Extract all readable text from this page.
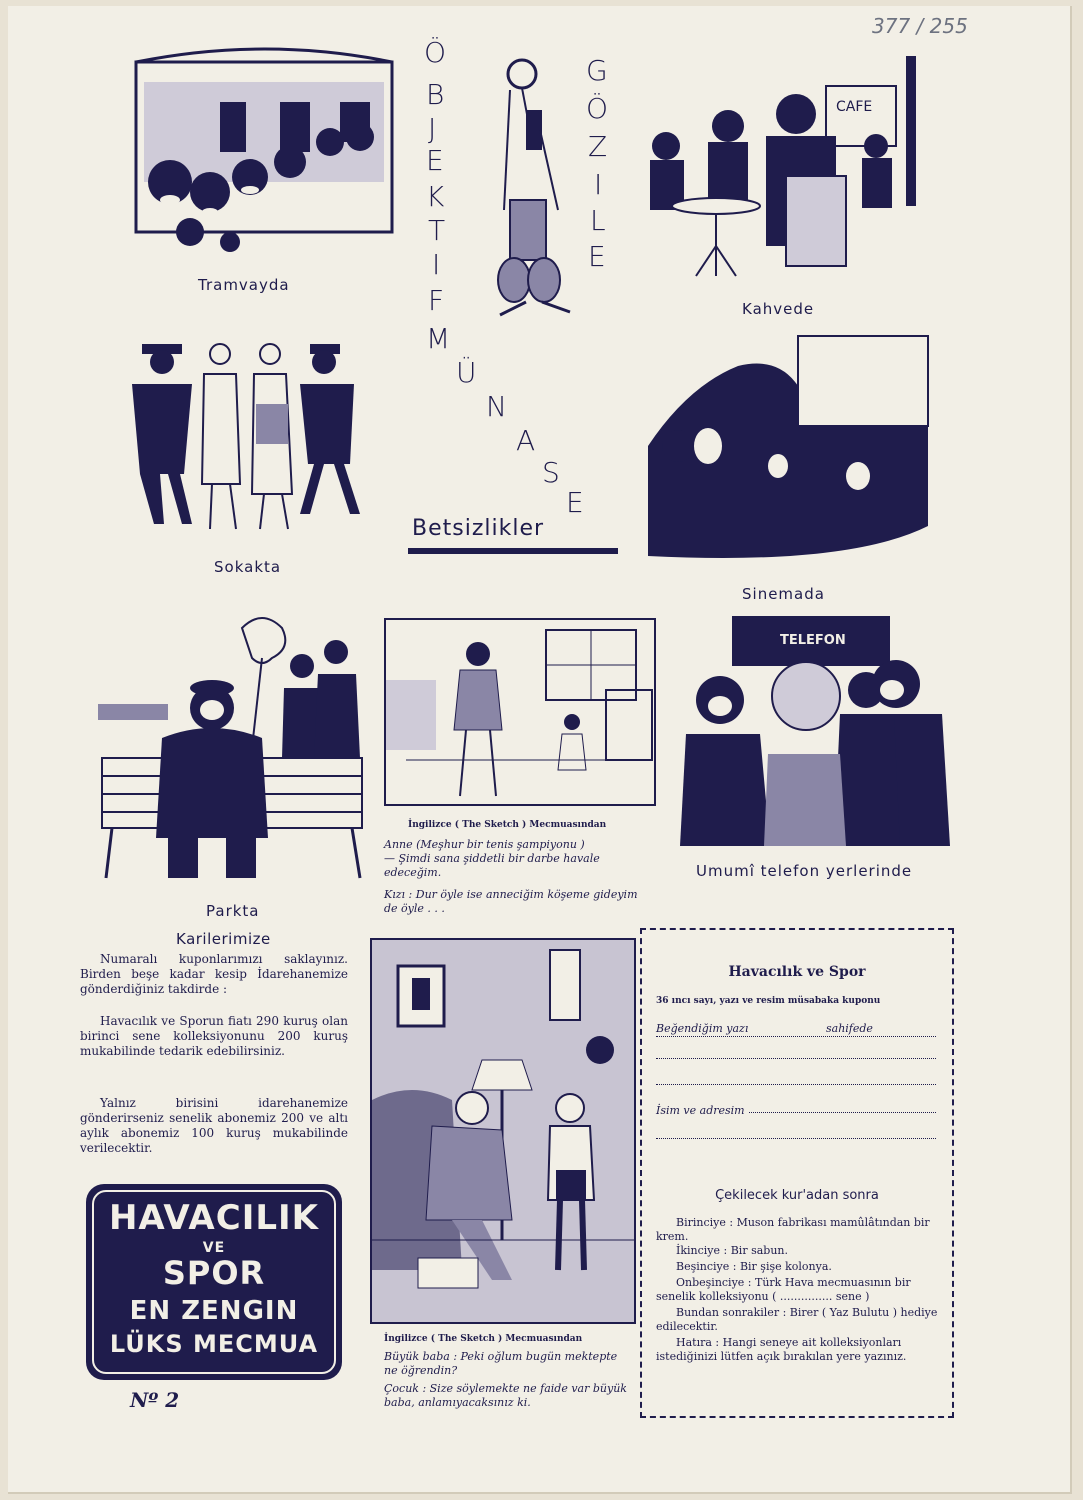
377 / 255
Tramvayda
Ö
B
J
E
K
T
I
F
M
Ü
N
A
S
E
G
Ö
Z
I
L
E
Betsizlikler
CAFE
Kahvede
Sokakta
Sinemada
Parkta
İngilizce ( The Sketch ) Mecmuasından
Anne (Meşhur bir tenis şampiyonu )
— Şimdi sana şiddetli bir darbe havale edeceğim.
Kızı : Dur öyle ise anneciğim köşeme gideyim de öyle . . .
TELEFON
Umumî telefon yerlerinde
Karilerimize
Numaralı kuponlarımızı saklayınız. Birden beşe kadar kesip İdarehanemize gönderdiğiniz takdirde :
Havacılık ve Sporun fiatı 290 kuruş olan birinci sene kolleksiyonunu 200 kuruş mukabilinde tedarik edebilirsiniz.
Yalnız birisini idarehanemize gönderirseniz senelik abonemiz 200 ve altı aylık abonemiz 100 kuruş mukabilinde verilecektir.
HAVACILIK
VE
SPOR
EN ZENGIN
LÜKS MECMUA
Nº 2
İngilizce ( The Sketch ) Mecmuasından
Büyük baba : Peki oğlum bugün mektepte ne öğrendin?
Çocuk : Size söylemekte ne faide var büyük baba, anlamıyacaksınız ki.
Havacılık ve Spor
36 ıncı sayı, yazı ve resim müsabaka kuponu
Beğendiğim yazı	sahifede
İsim ve adresim
Çekilecek kur'adan sonra
Birinciye : Muson fabrikası mamûlâtından bir krem.
İkinciye : Bir sabun.
Beşinciye : Bir şişe kolonya.
Onbeşinciye : Türk Hava mecmuasının bir senelik kolleksiyonu ( ............... sene )
Bundan sonrakiler : Birer ( Yaz Bulutu ) hediye edilecektir.
Hatıra : Hangi seneye ait kolleksiyonları istediğinizi lütfen açık bırakılan yere yazınız.
